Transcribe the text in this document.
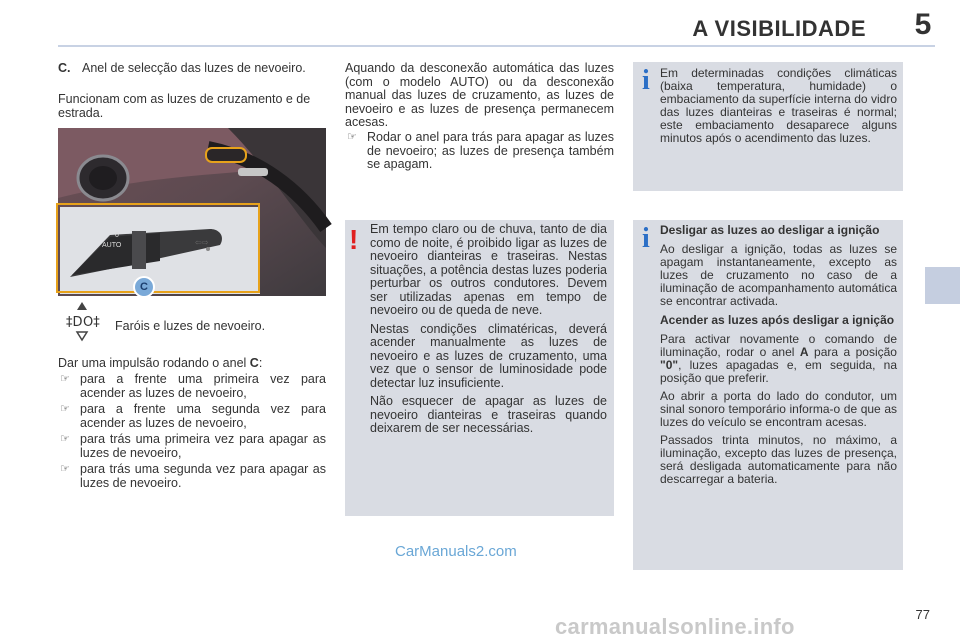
A VISIBILIDADE 5
C. Anel de selecção das luzes de nevoeiro.
Funcionam com as luzes de cruzamento e de estrada.
AUTO
0
⇦⇨
C
‡D O‡ Faróis e luzes de nevoeiro.
Dar uma impulsão rodando o anel C:
☞ para a frente uma primeira vez para acender as luzes de nevoeiro,
☞ para a frente uma segunda vez para acender as luzes de nevoeiro,
☞ para trás uma primeira vez para apagar as luzes de nevoeiro,
☞ para trás uma segunda vez para apagar as luzes de nevoeiro.
Aquando da desconexão automática das luzes (com o modelo AUTO) ou da desconexão manual das luzes de cruzamento, as luzes de nevoeiro e as luzes de presença permanecem acesas.
☞ Rodar o anel para trás para apagar as luzes de nevoeiro; as luzes de presença também se apagam.
! Em tempo claro ou de chuva, tanto de dia como de noite, é proibido ligar as luzes de nevoeiro dianteiras e traseiras. Nestas situações, a potência destas luzes poderia perturbar os outros condutores. Devem ser utilizadas apenas em tempo de nevoeiro ou de queda de neve.

Nestas condições climatéricas, deverá acender manualmente as luzes de nevoeiro e as luzes de cruzamento, uma vez que o sensor de luminosidade pode detectar luz insuficiente.

Não esquecer de apagar as luzes de nevoeiro dianteiras e traseiras quando deixarem de ser necessárias.

i Em determinadas condições climáticas (baixa temperatura, humidade) o embaciamento da superfície interna do vidro das luzes dianteiras e traseiras é normal; este embaciamento desaparece alguns minutos após o acendimento das luzes.
i Desligar as luzes ao desligar a ignição

Ao desligar a ignição, todas as luzes se apagam instantaneamente, excepto as luzes de cruzamento no caso de a iluminação de acompanhamento automática se encontrar activada.

Acender as luzes após desligar a ignição

Para activar novamente o comando de iluminação, rodar o anel A para a posição "0", luzes apagadas e, em seguida, na posição que preferir.

Ao abrir a porta do lado do condutor, um sinal sonoro temporário informa-o de que as luzes do veículo se encontram acesas.

Passados trinta minutos, no máximo, a iluminação, excepto das luzes de presença, será desligada automaticamente para não descarregar a bateria.

CarManuals2.com
77
carmanualsonline.info
